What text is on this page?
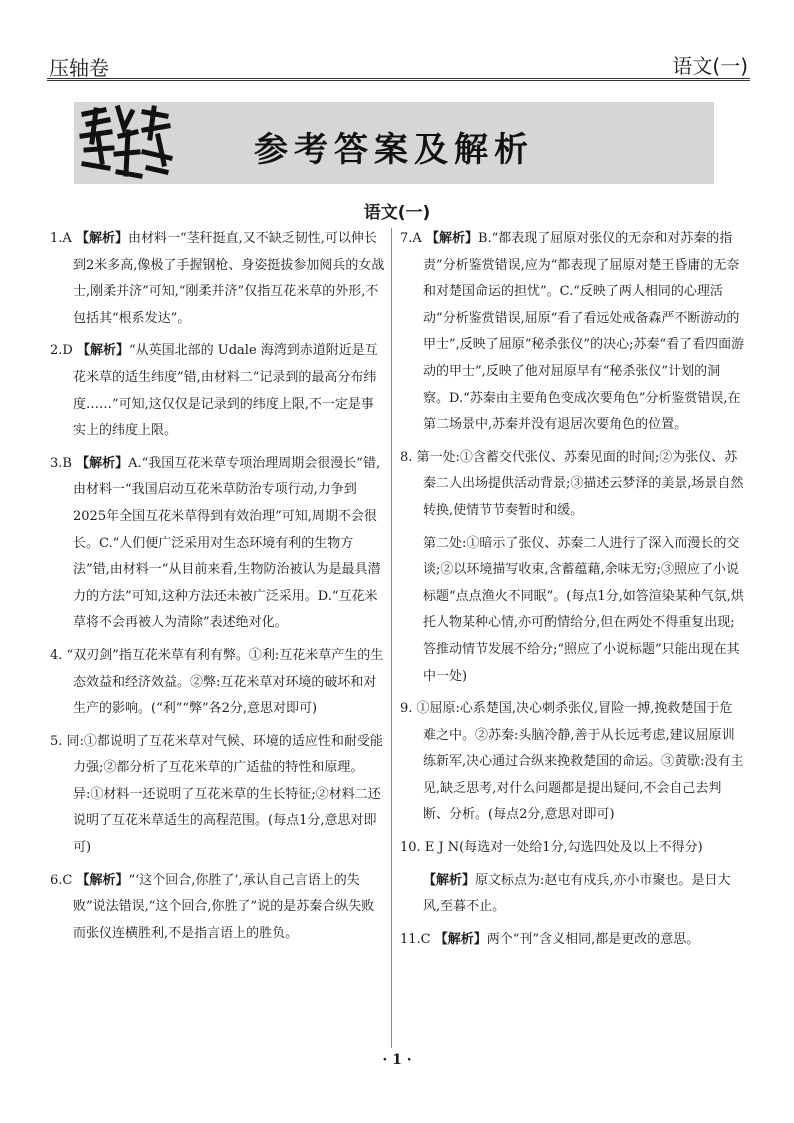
压轴卷	语文(一)
参考答案及解析
语文(一)
1.A 【解析】由材料一“茎秆挺直,又不缺乏韧性,可以伸长到2米多高,像极了手握钢枪、身姿挺拔参加阅兵的女战士,刚柔并济”可知,“刚柔并济”仅指互花米草的外形,不包括其“根系发达”。
2.D 【解析】“从英国北部的 Udale 海湾到赤道附近是互花米草的适生纬度”错,由材料二“记录到的最高分布纬度……”可知,这仅仅是记录到的纬度上限,不一定是事实上的纬度上限。
3.B 【解析】A.“我国互花米草专项治理周期会很漫长”错,由材料一“我国启动互花米草防治专项行动,力争到2025年全国互花米草得到有效治理”可知,周期不会很长。C.“人们便广泛采用对生态环境有利的生物方法”错,由材料一“从目前来看,生物防治被认为是最具潜力的方法”可知,这种方法还未被广泛采用。D.“互花米草将不会再被人为清除”表述绝对化。
4. “双刃剑”指互花米草有利有弊。①利:互花米草产生的生态效益和经济效益。②弊:互花米草对环境的破坏和对生产的影响。(“利”“弊”各2分,意思对即可)
5. 同:①都说明了互花米草对气候、环境的适应性和耐受能力强;②都分析了互花米草的广适盐的特性和原理。异:①材料一还说明了互花米草的生长特征;②材料二还说明了互花米草适生的高程范围。(每点1分,意思对即可)
6.C 【解析】“‘这个回合,你胜了’,承认自己言语上的失败”说法错误,“这个回合,你胜了”说的是苏秦合纵失败而张仪连横胜利,不是指言语上的胜负。
7.A 【解析】B.“都表现了屈原对张仪的无奈和对苏秦的指责”分析鉴赏错误,应为“都表现了屈原对楚王昏庸的无奈和对楚国命运的担忧”。C.“反映了两人相同的心理活动”分析鉴赏错误,屈原“看了看远处戒备森严不断游动的甲士”,反映了屈原“秘杀张仪”的决心;苏秦“看了看四面游动的甲士”,反映了他对屈原早有“秘杀张仪”计划的洞察。D.“苏秦由主要角色变成次要角色”分析鉴赏错误,在第二场景中,苏秦并没有退居次要角色的位置。
8. 第一处:①含蓄交代张仪、苏秦见面的时间;②为张仪、苏秦二人出场提供活动背景;③描述云梦泽的美景,场景自然转换,使情节节奏暂时和缓。
第二处:①暗示了张仪、苏秦二人进行了深入而漫长的交谈;②以环境描写收束,含蓄蕴藉,余味无穷;③照应了小说标题“点点渔火不同眠”。(每点1分,如答渲染某种气氛,烘托人物某种心情,亦可酌情给分,但在两处不得重复出现;答推动情节发展不给分;“照应了小说标题”只能出现在其中一处)
9. ①屈原:心系楚国,决心刺杀张仪,冒险一搏,挽救楚国于危难之中。②苏秦:头脑冷静,善于从长远考虑,建议屈原训练新军,决心通过合纵来挽救楚国的命运。③黄歇:没有主见,缺乏思考,对什么问题都是提出疑问,不会自己去判断、分析。(每点2分,意思对即可)
10. E J N(每选对一处给1分,勾选四处及以上不得分)
【解析】原文标点为:赵屯有戍兵,亦小市聚也。是日大风,至暮不止。
11.C 【解析】两个“刊”含义相同,都是更改的意思。
· 1 ·
